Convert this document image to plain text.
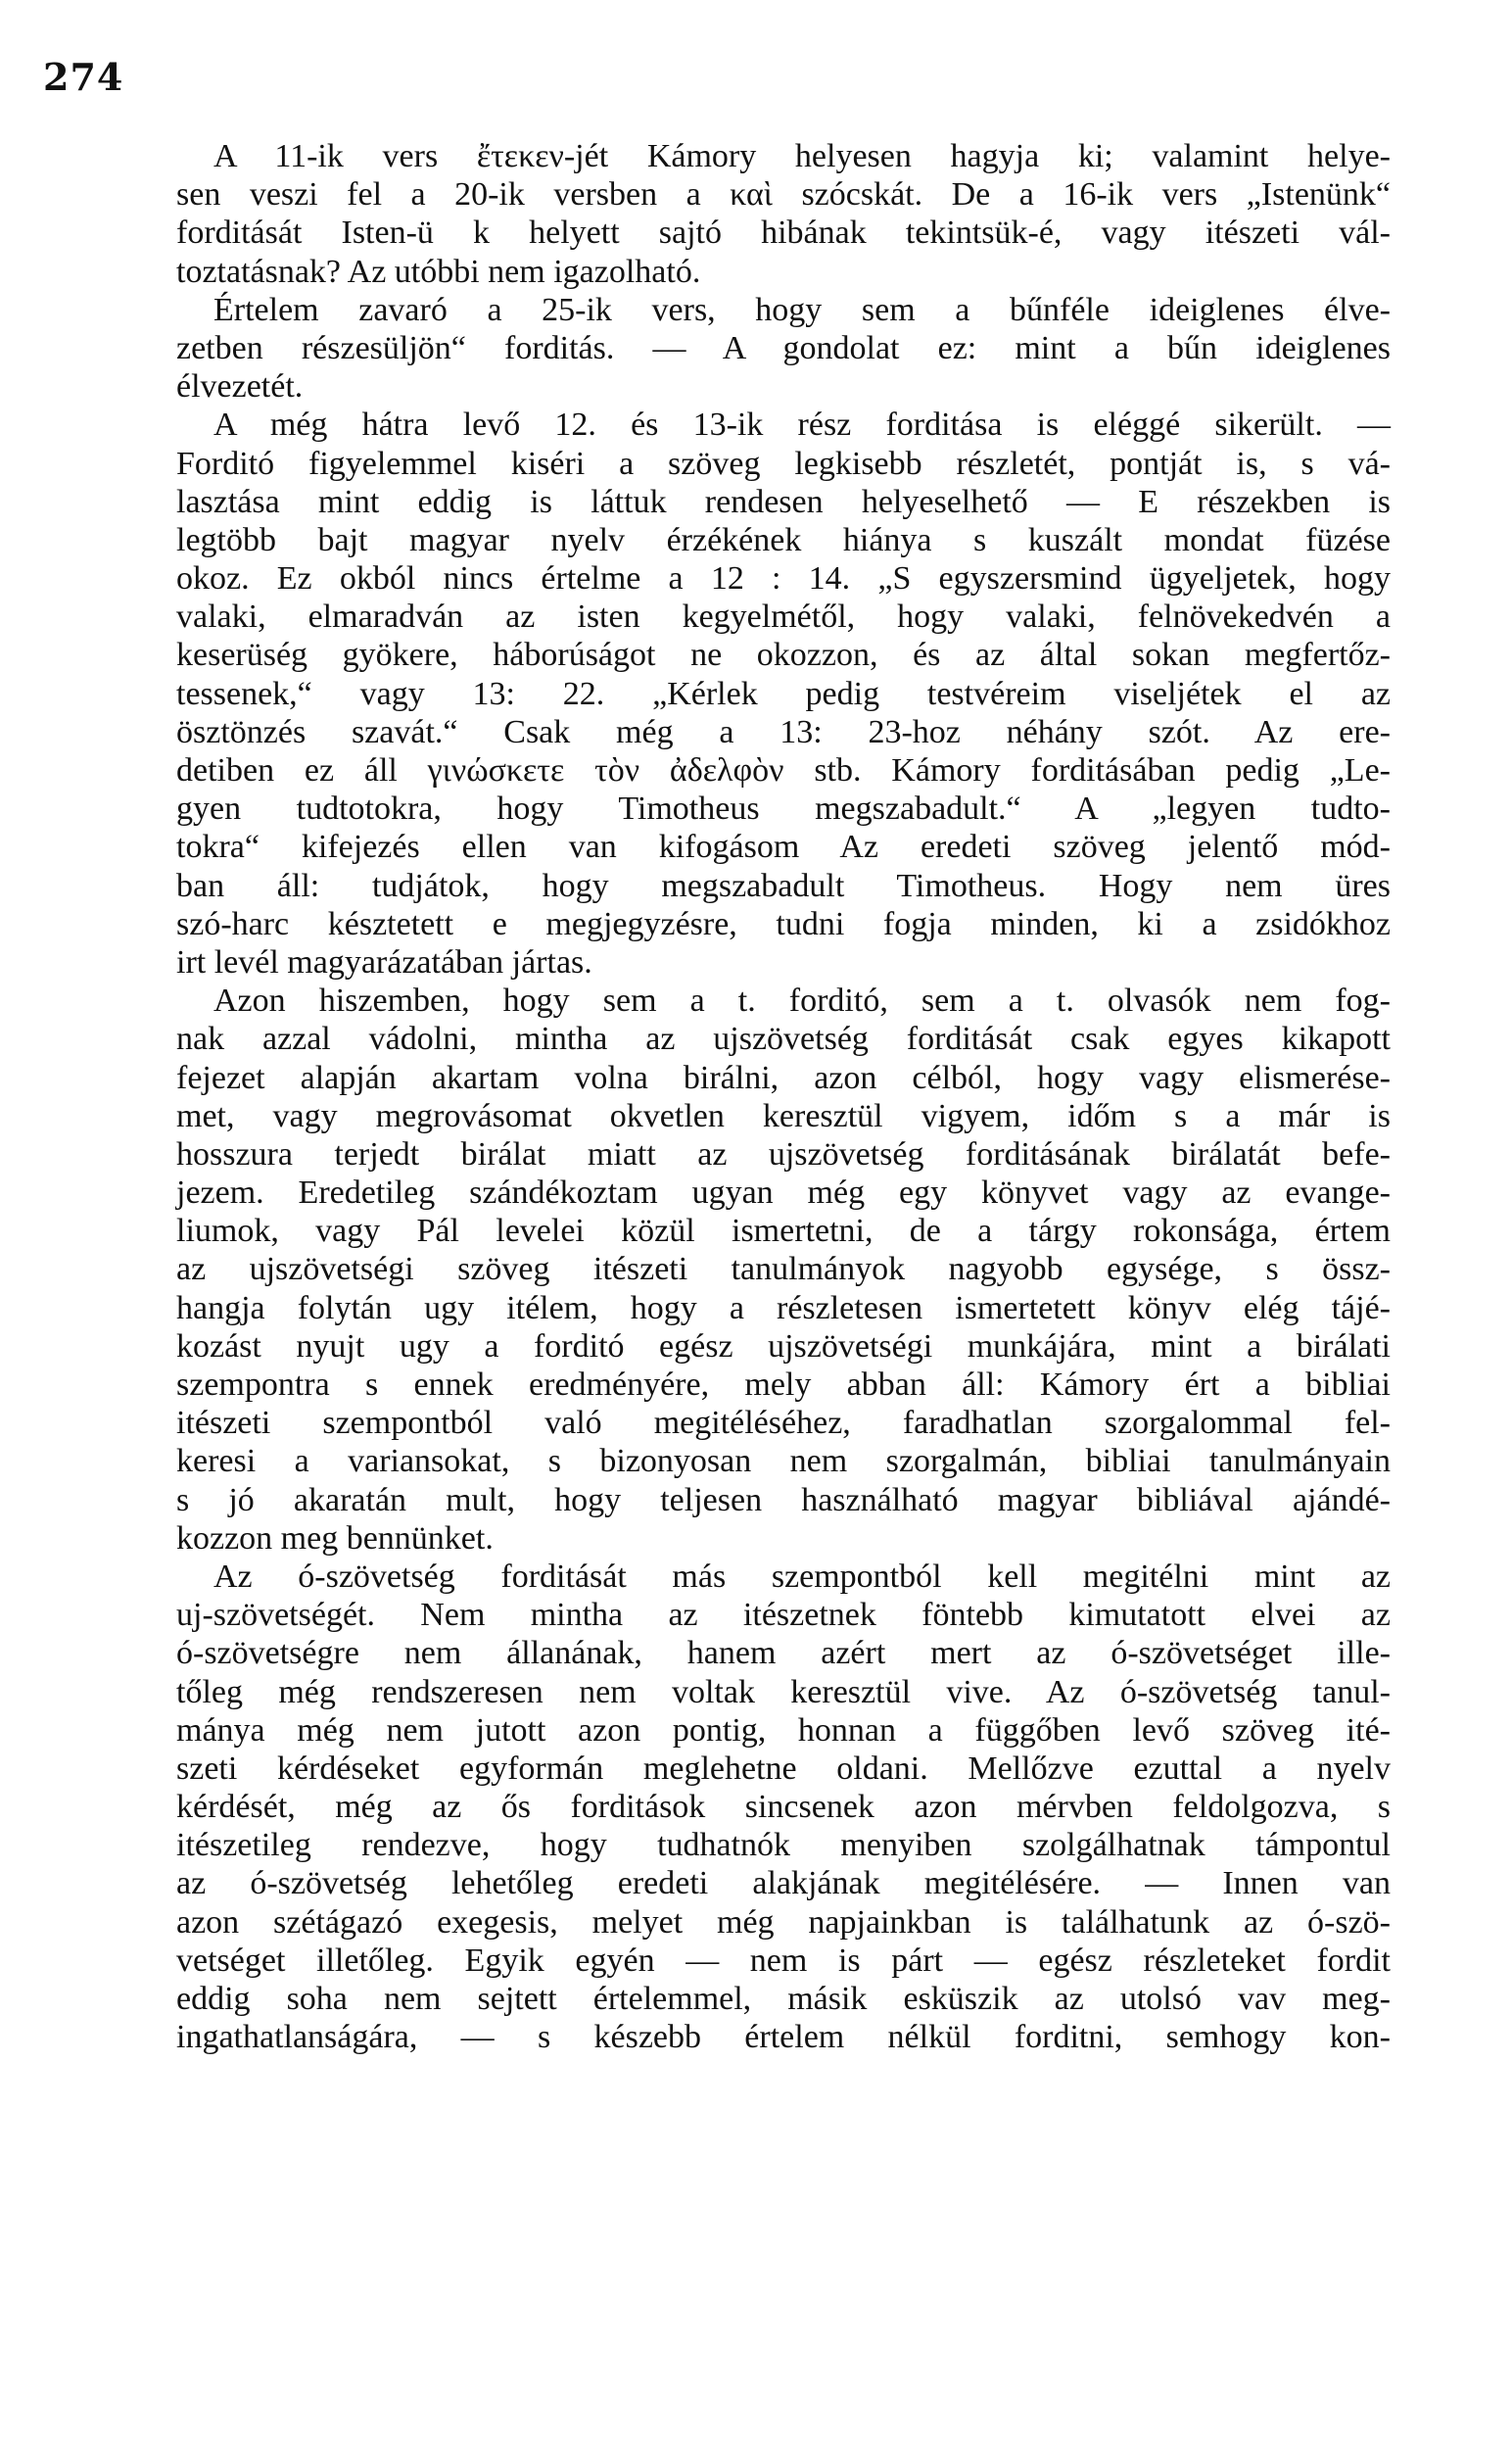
274
A 11-ik vers ἔτεκεν-jét Kámory helyesen hagyja ki; valamint helye-
sen veszi fel a 20-ik versben a καὶ szócskát. De a 16-ik vers „Istenünk“
forditását Isten-ü k helyett sajtó hibának tekintsük-é, vagy itészeti vál-
toztatásnak? Az utóbbi nem igazolható.
Értelem zavaró a 25-ik vers, hogy sem a bűnféle ideiglenes élve-
zetben részesüljön“ forditás. — A gondolat ez: mint a bűn ideiglenes
élvezetét.
A még hátra levő 12. és 13-ik rész forditása is eléggé sikerült. —
Forditó figyelemmel kiséri a szöveg legkisebb részletét, pontját is, s vá-
lasztása mint eddig is láttuk rendesen helyeselhető — E részekben is
legtöbb bajt magyar nyelv érzékének hiánya s kuszált mondat füzése
okoz. Ez okból nincs értelme a 12 : 14. „S egyszersmind ügyeljetek, hogy
valaki, elmaradván az isten kegyelmétől, hogy valaki, felnövekedvén a
keserüség gyökere, háborúságot ne okozzon, és az által sokan megfertőz-
tessenek,“ vagy 13: 22. „Kérlek pedig testvéreim viseljétek el az
ösztönzés szavát.“ Csak még a 13: 23-hoz néhány szót. Az ere-
detiben ez áll γινώσκετε τὸν ἀδελφὸν stb. Kámory forditásában pedig „Le-
gyen tudtotokra, hogy Timotheus megszabadult.“ A „legyen tudto-
tokra“ kifejezés ellen van kifogásom Az eredeti szöveg jelentő mód-
ban áll: tudjátok, hogy megszabadult Timotheus. Hogy nem üres
szó-harc késztetett e megjegyzésre, tudni fogja minden, ki a zsidókhoz
irt levél magyarázatában jártas.
Azon hiszemben, hogy sem a t. forditó, sem a t. olvasók nem fog-
nak azzal vádolni, mintha az ujszövetség forditását csak egyes kikapott
fejezet alapján akartam volna birálni, azon célból, hogy vagy elismerése-
met, vagy megrovásomat okvetlen keresztül vigyem, időm s a már is
hosszura terjedt birálat miatt az ujszövetség forditásának birálatát befe-
jezem. Eredetileg szándékoztam ugyan még egy könyvet vagy az evange-
liumok, vagy Pál levelei közül ismertetni, de a tárgy rokonsága, értem
az ujszövetségi szöveg itészeti tanulmányok nagyobb egysége, s össz-
hangja folytán ugy itélem, hogy a részletesen ismertetett könyv elég tájé-
kozást nyujt ugy a forditó egész ujszövetségi munkájára, mint a birálati
szempontra s ennek eredményére, mely abban áll: Kámory ért a bibliai
itészeti szempontból való megitéléséhez, faradhatlan szorgalommal fel-
keresi a variansokat, s bizonyosan nem szorgalmán, bibliai tanulmányain
s jó akaratán mult, hogy teljesen használható magyar bibliával ajándé-
kozzon meg bennünket.
Az ó-szövetség forditását más szempontból kell megitélni mint az
uj-szövetségét. Nem mintha az itészetnek föntebb kimutatott elvei az
ó-szövetségre nem állanának, hanem azért mert az ó-szövetséget ille-
tőleg még rendszeresen nem voltak keresztül vive. Az ó-szövetség tanul-
mánya még nem jutott azon pontig, honnan a függőben levő szöveg ité-
szeti kérdéseket egyformán meglehetne oldani. Mellőzve ezuttal a nyelv
kérdését, még az ős forditások sincsenek azon mérvben feldolgozva, s
itészetileg rendezve, hogy tudhatnók menyiben szolgálhatnak támpontul
az ó-szövetség lehetőleg eredeti alakjának megitélésére. — Innen van
azon szétágazó exegesis, melyet még napjainkban is találhatunk az ó-szö-
vetséget illetőleg. Egyik egyén — nem is párt — egész részleteket fordit
eddig soha nem sejtett értelemmel, másik esküszik az utolsó vav meg-
ingathatlanságára, — s készebb értelem nélkül forditni, semhogy kon-
